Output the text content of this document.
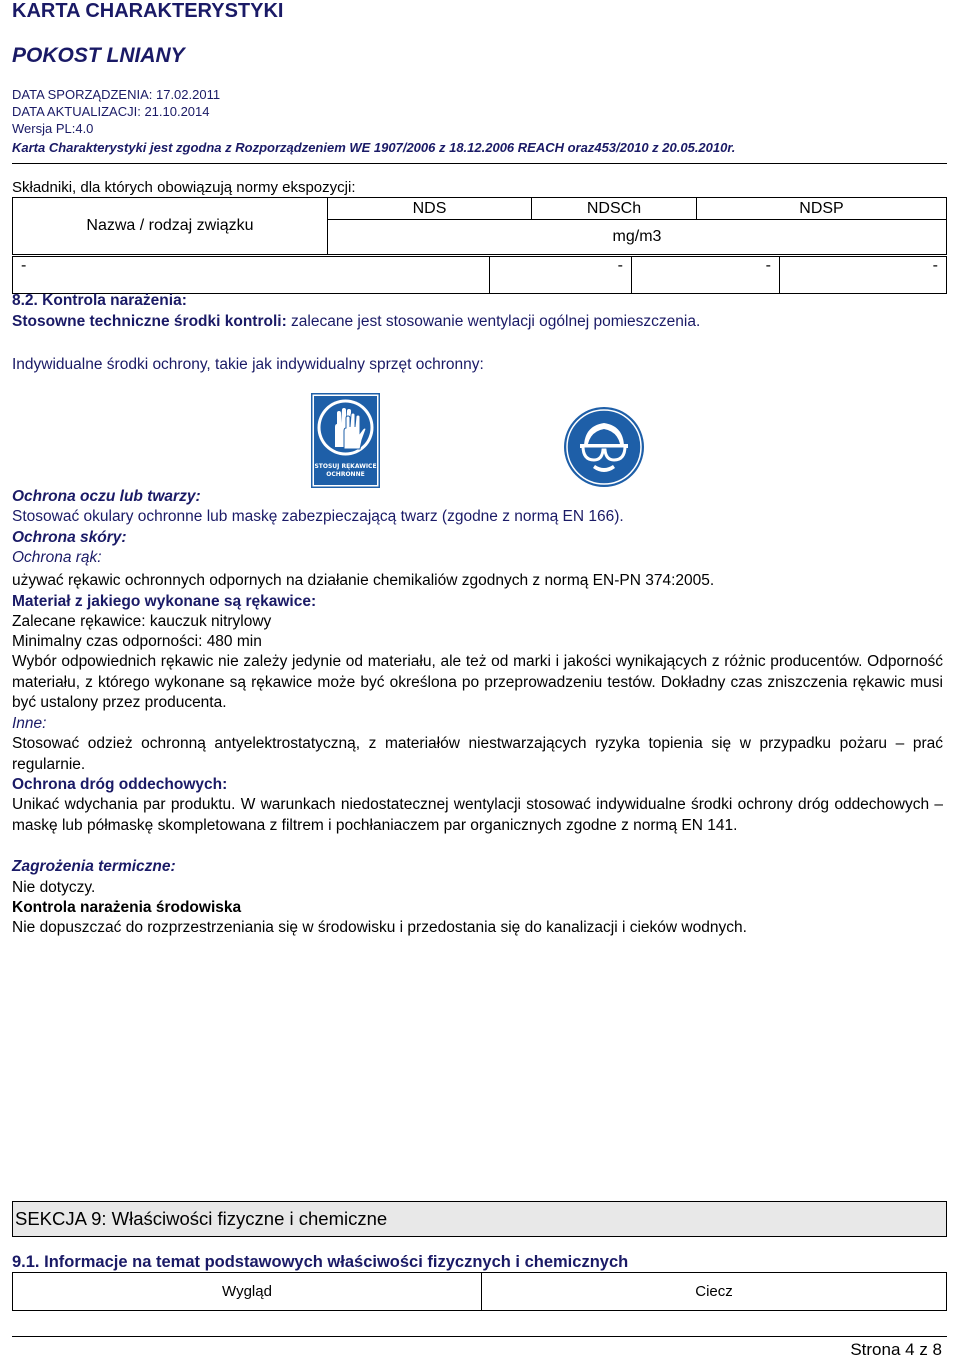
KARTA CHARAKTERYSTYKI
POKOST LNIANY
DATA SPORZĄDZENIA: 17.02.2011
DATA AKTUALIZACJI: 21.10.2014
Wersja PL:4.0
Karta Charakterystyki jest zgodna z Rozporządzeniem WE 1907/2006 z 18.12.2006 REACH oraz453/2010 z 20.05.2010r.
Składniki, dla których obowiązują normy ekspozycji:
Nazwa / rodzaj związku	NDS	NDSCh	NDSP
mg/m3
-	-	-	-
8.2. Kontrola narażenia:
Stosowne techniczne środki kontroli: zalecane jest stosowanie wentylacji ogólnej pomieszczenia.
Indywidualne środki ochrony, takie jak indywidualny sprzęt ochronny:
STOSUJ RĘKAWICE OCHRONNE
Ochrona oczu lub twarzy:
Stosować okulary ochronne lub maskę zabezpieczającą twarz (zgodne z normą EN 166).
Ochrona skóry:
Ochrona rąk:
używać rękawic ochronnych odpornych na działanie chemikaliów zgodnych z normą EN-PN 374:2005.
Materiał z jakiego wykonane są rękawice:
Zalecane rękawice: kauczuk nitrylowy
Minimalny czas odporności: 480 min
Wybór odpowiednich rękawic nie zależy jedynie od materiału, ale też od marki i jakości wynikających z różnic producentów. Odporność materiału, z którego wykonane są rękawice może być określona po przeprowadzeniu testów. Dokładny czas zniszczenia rękawic musi być ustalony przez producenta.
Inne:
Stosować odzież ochronną antyelektrostatyczną, z materiałów niestwarzających ryzyka topienia się w przypadku pożaru – prać regularnie.
Ochrona dróg oddechowych:
Unikać wdychania par produktu. W warunkach niedostatecznej wentylacji stosować indywidualne środki ochrony dróg oddechowych – maskę lub półmaskę skompletowana z filtrem i pochłaniaczem par organicznych zgodne z normą EN 141.
Zagrożenia termiczne:
Nie dotyczy.
Kontrola narażenia środowiska
Nie dopuszczać do rozprzestrzeniania się w środowisku i przedostania się do kanalizacji i cieków wodnych.
SEKCJA 9: Właściwości fizyczne i chemiczne
9.1. Informacje na temat podstawowych właściwości fizycznych i chemicznych
Wygląd	Ciecz
Strona 4 z 8
